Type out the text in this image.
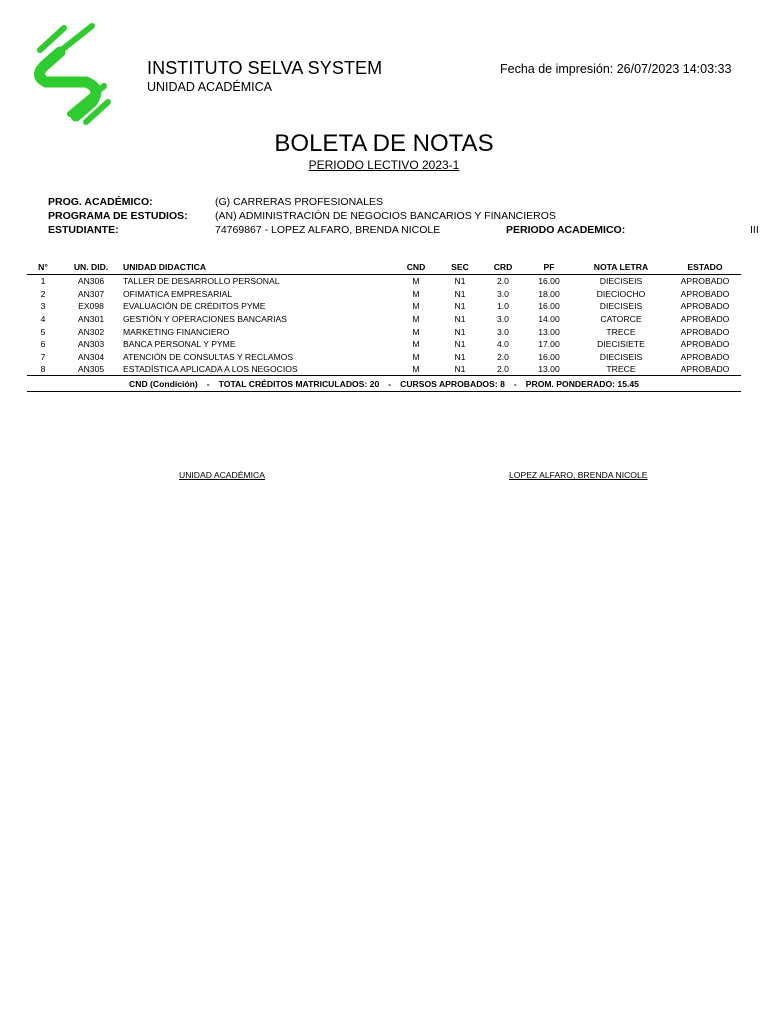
INSTITUTO SELVA SYSTEM
UNIDAD ACADÉMICA
Fecha de impresión: 26/07/2023 14:03:33
BOLETA DE NOTAS
PERIODO LECTIVO 2023-1
PROG. ACADÉMICO:	(G) CARRERAS PROFESIONALES
PROGRAMA DE ESTUDIOS:	(AN) ADMINISTRACIÓN DE NEGOCIOS BANCARIOS Y FINANCIEROS
ESTUDIANTE:	74769867 - LOPEZ ALFARO, BRENDA NICOLE	PERIODO ACADEMICO:	III
N°	UN. DID.	UNIDAD DIDACTICA	CND	SEC	CRD	PF	NOTA LETRA	ESTADO
1	AN306	TALLER DE DESARROLLO PERSONAL	M	N1	2.0	16.00	DIECISEIS	APROBADO
2	AN307	OFIMATICA EMPRESARIAL	M	N1	3.0	18.00	DIECIOCHO	APROBADO
3	EX098	EVALUACIÓN DE CRÉDITOS PYME	M	N1	1.0	16.00	DIECISEIS	APROBADO
4	AN301	GESTIÓN Y OPERACIONES BANCARIAS	M	N1	3.0	14.00	CATORCE	APROBADO
5	AN302	MARKETING FINANCIERO	M	N1	3.0	13.00	TRECE	APROBADO
6	AN303	BANCA PERSONAL Y PYME	M	N1	4.0	17.00	DIECISIETE	APROBADO
7	AN304	ATENCIÓN DE CONSULTAS Y RECLAMOS	M	N1	2.0	16.00	DIECISEIS	APROBADO
8	AN305	ESTADÍSTICA APLICADA A LOS NEGOCIOS	M	N1	2.0	13.00	TRECE	APROBADO
CND (Condición) - TOTAL CRÉDITOS MATRICULADOS: 20 - CURSOS APROBADOS: 8 - PROM. PONDERADO: 15.45
UNIDAD ACADÉMICA	LOPEZ ALFARO, BRENDA NICOLE
